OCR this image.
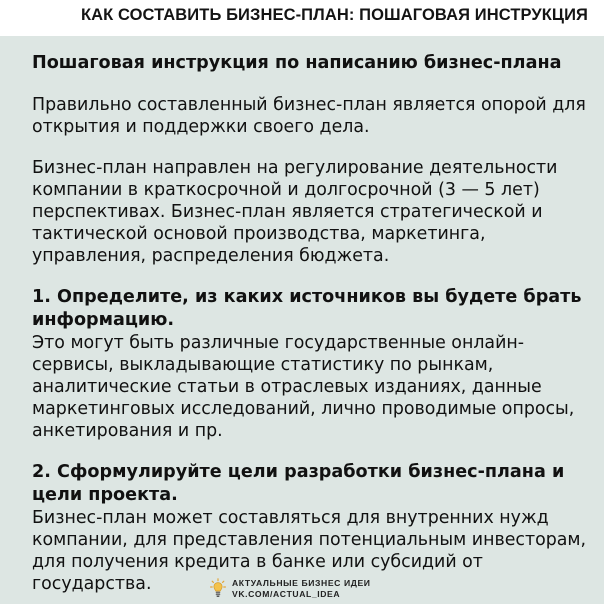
КАК СОСТАВИТЬ БИЗНЕС-ПЛАН: ПОШАГОВАЯ ИНСТРУКЦИЯ

Пошаговая инструкция по написанию бизнес-плана

Правильно составленный бизнес-план является опорой для открытия и поддержки своего дела.

Бизнес-план направлен на регулирование деятельности компании в краткосрочной и долгосрочной (3 — 5 лет) перспективах. Бизнес-план является стратегической и тактической основой производства, маркетинга, управления, распределения бюджета.

1. Определите, из каких источников вы будете брать информацию.

Это могут быть различные государственные онлайн-сервисы, выкладывающие статистику по рынкам, аналитические статьи в отраслевых изданиях, данные маркетинговых исследований, лично проводимые опросы, анкетирования и пр.

2. Сформулируйте цели разработки бизнес-плана и цели проекта.

Бизнес-план может составляться для внутренних нужд компании, для представления потенциальным инвесторам, для получения кредита в банке или субсидий от государства.	АКТУАЛЬНЫЕ БИЗНЕС ИДЕИ
VK.COM/ACTUAL_IDEA
